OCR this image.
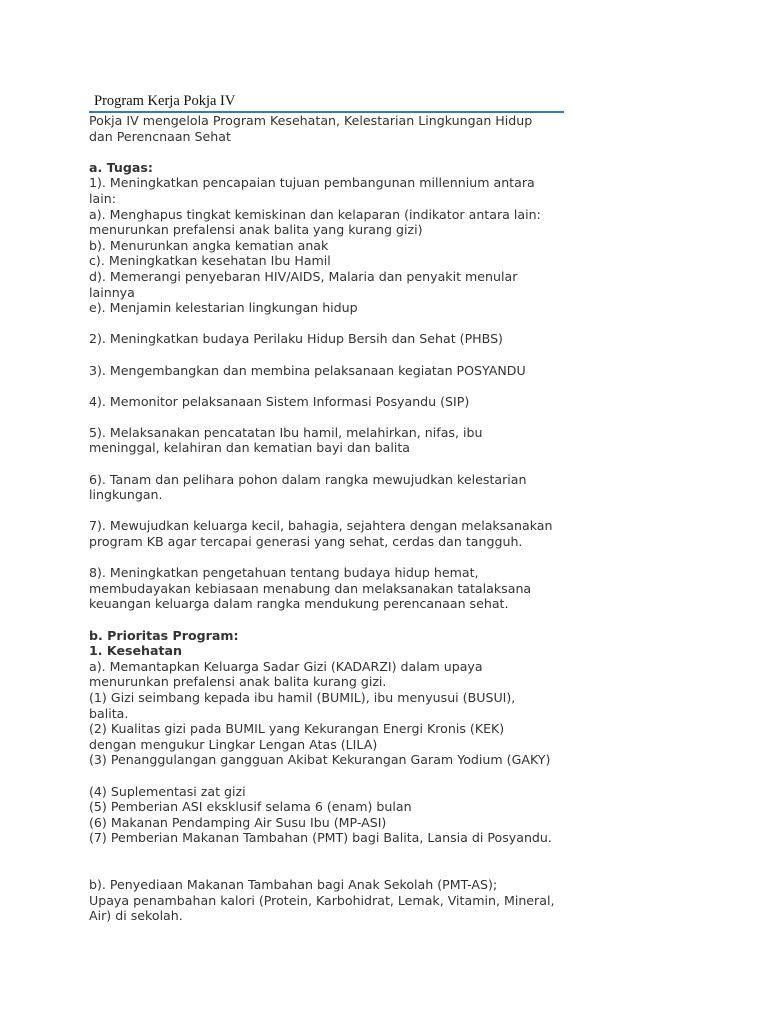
Program Kerja Pokja IV

Pokja IV mengelola Program Kesehatan, Kelestarian Lingkungan Hidup
dan Perencnaan Sehat

a. Tugas:

1). Meningkatkan pencapaian tujuan pembangunan millennium antara
lain:
a). Menghapus tingkat kemiskinan dan kelaparan (indikator antara lain:
menurunkan prefalensi anak balita yang kurang gizi)
b). Menurunkan angka kematian anak
c). Meningkatkan kesehatan Ibu Hamil
d). Memerangi penyebaran HIV/AIDS, Malaria dan penyakit menular
lainnya
e). Menjamin kelestarian lingkungan hidup

2). Meningkatkan budaya Perilaku Hidup Bersih dan Sehat (PHBS)

3). Mengembangkan dan membina pelaksanaan kegiatan POSYANDU

4). Memonitor pelaksanaan Sistem Informasi Posyandu (SIP)

5). Melaksanakan pencatatan Ibu hamil, melahirkan, nifas, ibu
meninggal, kelahiran dan kematian bayi dan balita

6). Tanam dan pelihara pohon dalam rangka mewujudkan kelestarian
lingkungan.

7). Mewujudkan keluarga kecil, bahagia, sejahtera dengan melaksanakan
program KB agar tercapai generasi yang sehat, cerdas dan tangguh.

8). Meningkatkan pengetahuan tentang budaya hidup hemat,
membudayakan kebiasaan menabung dan melaksanakan tatalaksana
keuangan keluarga dalam rangka mendukung perencanaan sehat.

b. Prioritas Program:
1. Kesehatan

a). Memantapkan Keluarga Sadar Gizi (KADARZI) dalam upaya
menurunkan prefalensi anak balita kurang gizi.
(1) Gizi seimbang kepada ibu hamil (BUMIL), ibu menyusui (BUSUI),
balita.
(2) Kualitas gizi pada BUMIL yang Kekurangan Energi Kronis (KEK)
dengan mengukur Lingkar Lengan Atas (LILA)
(3) Penanggulangan gangguan Akibat Kekurangan Garam Yodium (GAKY)

(4) Suplementasi zat gizi
(5) Pemberian ASI eksklusif selama 6 (enam) bulan
(6) Makanan Pendamping Air Susu Ibu (MP-ASI)
(7) Pemberian Makanan Tambahan (PMT) bagi Balita, Lansia di Posyandu.

b). Penyediaan Makanan Tambahan bagi Anak Sekolah (PMT-AS);
Upaya penambahan kalori (Protein, Karbohidrat, Lemak, Vitamin, Mineral,
Air) di sekolah.
